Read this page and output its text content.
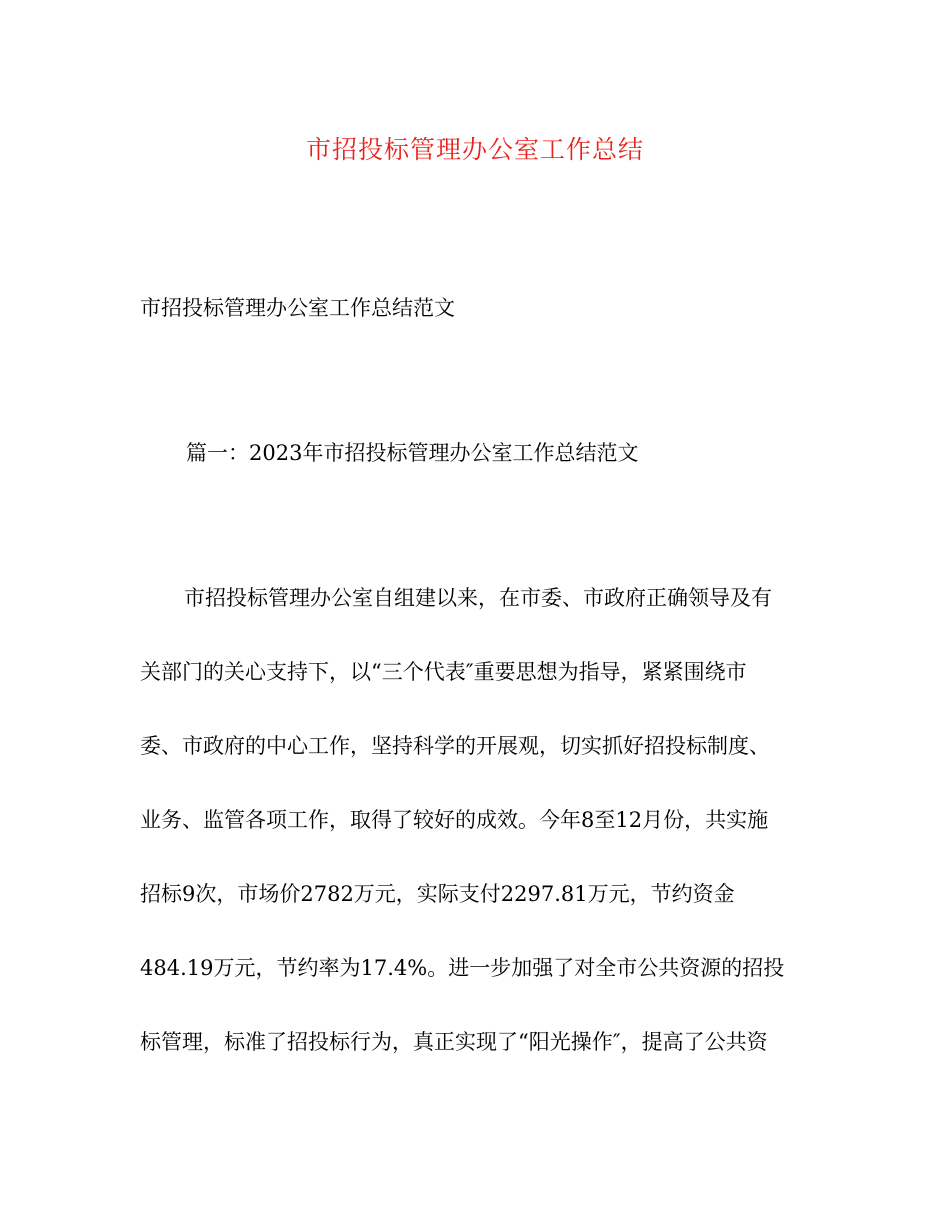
市招投标管理办公室工作总结
市招投标管理办公室工作总结范文
篇一：2023年市招投标管理办公室工作总结范文
市招投标管理办公室自组建以来，在市委、市政府正确领导及有
关部门的关心支持下，以“三个代表″重要思想为指导，紧紧围绕市
委、市政府的中心工作，坚持科学的开展观，切实抓好招投标制度、
业务、监管各项工作，取得了较好的成效。今年8至12月份，共实施
招标9次，市场价2782万元，实际支付2297.81万元，节约资金
484.19万元，节约率为17.4%。进一步加强了对全市公共资源的招投
标管理，标准了招投标行为，真正实现了“阳光操作″，提高了公共资
